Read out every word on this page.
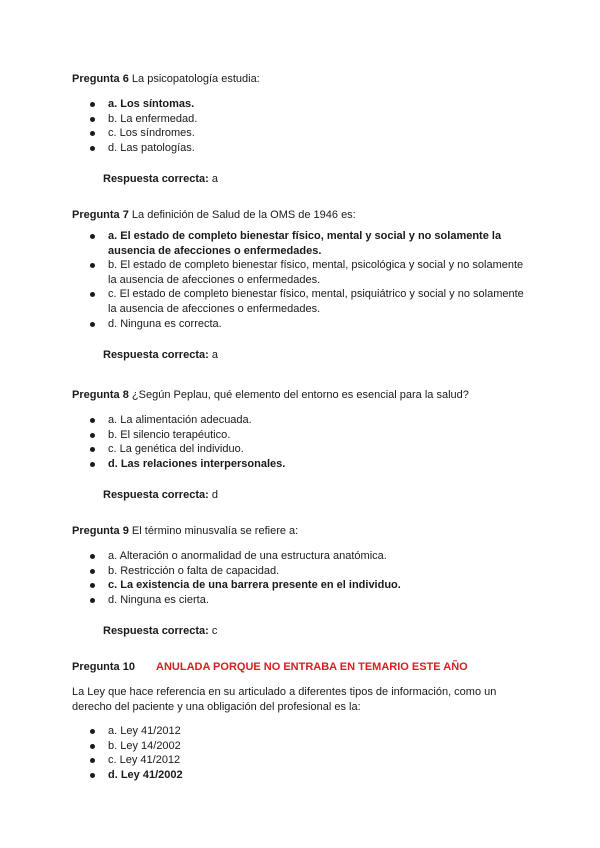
Pregunta 6 La psicopatología estudia:

a. Los síntomas.
b. La enfermedad.
c. Los síndromes.
d. Las patologías.
Respuesta correcta: a

Pregunta 7 La definición de Salud de la OMS de 1946 es:

a. El estado de completo bienestar físico, mental y social y no solamente la ausencia de afecciones o enfermedades.
b. El estado de completo bienestar físico, mental, psicológica y social y no solamente la ausencia de afecciones o enfermedades.
c. El estado de completo bienestar físico, mental, psiquiátrico y social y no solamente la ausencia de afecciones o enfermedades.
d. Ninguna es correcta.
Respuesta correcta: a

Pregunta 8 ¿Según Peplau, qué elemento del entorno es esencial para la salud?

a. La alimentación adecuada.
b. El silencio terapéutico.
c. La genética del individuo.
d. Las relaciones interpersonales.
Respuesta correcta: d

Pregunta 9 El término minusvalía se refiere a:

a. Alteración o anormalidad de una estructura anatómica.
b. Restricción o falta de capacidad.
c. La existencia de una barrera presente en el individuo.
d. Ninguna es cierta.
Respuesta correcta: c

Pregunta 10 ANULADA PORQUE NO ENTRABA EN TEMARIO ESTE AÑO

La Ley que hace referencia en su articulado a diferentes tipos de información, como un derecho del paciente y una obligación del profesional es la:

a. Ley 41/2012
b. Ley 14/2002
c. Ley 41/2012
d. Ley 41/2002
